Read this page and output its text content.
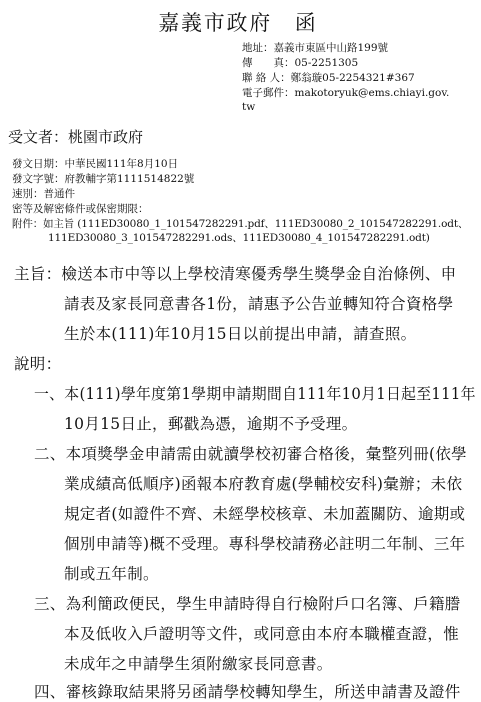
嘉義市政府　函
地址：嘉義市東區中山路199號
傳　　真：05-2251305
聯 絡 人：鄭翁璇05-2254321#367
電子郵件：makotoryuk@ems.chiayi.gov.
tw
受文者：桃園市政府
發文日期：中華民國111年8月10日
發文字號：府教輔字第1111514822號
速別：普通件
密等及解密條件或保密期限：
附件：如主旨 (111ED30080_1_101547282291.pdf、111ED30080_2_101547282291.odt、
111ED30080_3_101547282291.ods、111ED30080_4_101547282291.odt)
主旨：檢送本市中等以上學校清寒優秀學生獎學金自治條例、申
請表及家長同意書各1份，請惠予公告並轉知符合資格學
生於本(111)年10月15日以前提出申請，請查照。
說明：
一、本(111)學年度第1學期申請期間自111年10月1日起至111年
10月15日止，郵戳為憑，逾期不予受理。
二、本項獎學金申請需由就讀學校初審合格後，彙整列冊(依學
業成績高低順序)函報本府教育處(學輔校安科)彙辦；未依
規定者(如證件不齊、未經學校核章、未加蓋關防、逾期或
個別申請等)概不受理。專科學校請務必註明二年制、三年
制或五年制。
三、為利簡政便民，學生申請時得自行檢附戶口名簿、戶籍謄
本及低收入戶證明等文件，或同意由本府本職權查證，惟
未成年之申請學生須附繳家長同意書。
四、審核錄取結果將另函請學校轉知學生，所送申請書及證件
